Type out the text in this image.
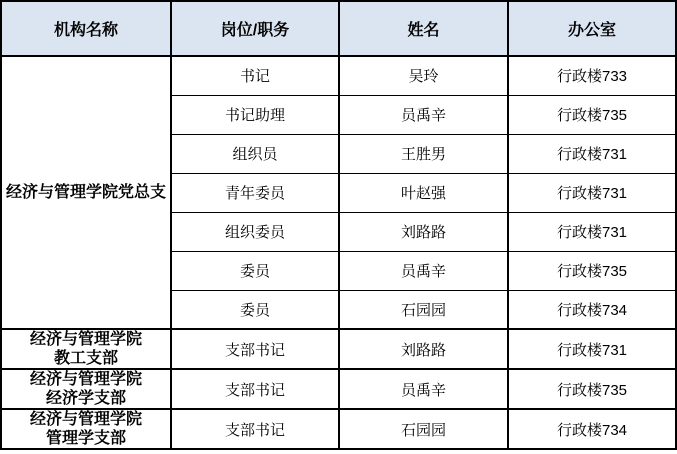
机构名称	岗位/职务	姓名	办公室

经济与管理学院党总支	书记	吴玲	行政楼733
	书记助理	员禹辛	行政楼735
	组织员	王胜男	行政楼731
	青年委员	叶赵强	行政楼731
	组织委员	刘路路	行政楼731
	委员	员禹辛	行政楼735
	委员	石园园	行政楼734

经济与管理学院
教工支部	支部书记	刘路路	行政楼731

经济与管理学院
经济学支部	支部书记	员禹辛	行政楼735

经济与管理学院
管理学支部	支部书记	石园园	行政楼734
